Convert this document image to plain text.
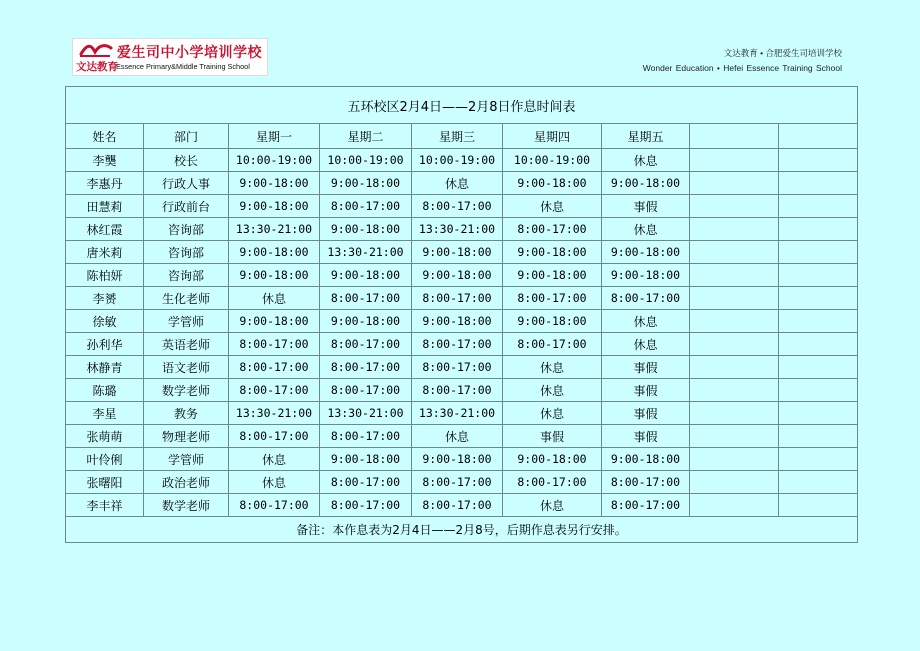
爱生司中小学培训学校
文达教育
Essence Primary&Middle Training School
文达教育 • 合肥爱生司培训学校
Wonder Education • Hefei Essence Training School
五环校区2月4日——2月8日作息时间表								
姓名	部门	星期一	星期二	星期三	星期四	星期五		
李龑	校长	10:00-19:00	10:00-19:00	10:00-19:00	10:00-19:00	休息		
李惠丹	行政人事	9:00-18:00	9:00-18:00	休息	9:00-18:00	9:00-18:00		
田慧莉	行政前台	9:00-18:00	8:00-17:00	8:00-17:00	休息	事假		
林红霞	咨询部	13:30-21:00	9:00-18:00	13:30-21:00	8:00-17:00	休息		
唐米莉	咨询部	9:00-18:00	13:30-21:00	9:00-18:00	9:00-18:00	9:00-18:00		
陈柏妍	咨询部	9:00-18:00	9:00-18:00	9:00-18:00	9:00-18:00	9:00-18:00		
李赟	生化老师	休息	8:00-17:00	8:00-17:00	8:00-17:00	8:00-17:00		
徐敏	学管师	9:00-18:00	9:00-18:00	9:00-18:00	9:00-18:00	休息		
孙利华	英语老师	8:00-17:00	8:00-17:00	8:00-17:00	8:00-17:00	休息		
林静青	语文老师	8:00-17:00	8:00-17:00	8:00-17:00	休息	事假		
陈璐	数学老师	8:00-17:00	8:00-17:00	8:00-17:00	休息	事假		
李星	教务	13:30-21:00	13:30-21:00	13:30-21:00	休息	事假		
张萌萌	物理老师	8:00-17:00	8:00-17:00	休息	事假	事假		
叶伶俐	学管师	休息	9:00-18:00	9:00-18:00	9:00-18:00	9:00-18:00		
张曙阳	政治老师	休息	8:00-17:00	8:00-17:00	8:00-17:00	8:00-17:00		
李丰祥	数学老师	8:00-17:00	8:00-17:00	8:00-17:00	休息	8:00-17:00		
备注：本作息表为2月4日——2月8号，后期作息表另行安排。								
